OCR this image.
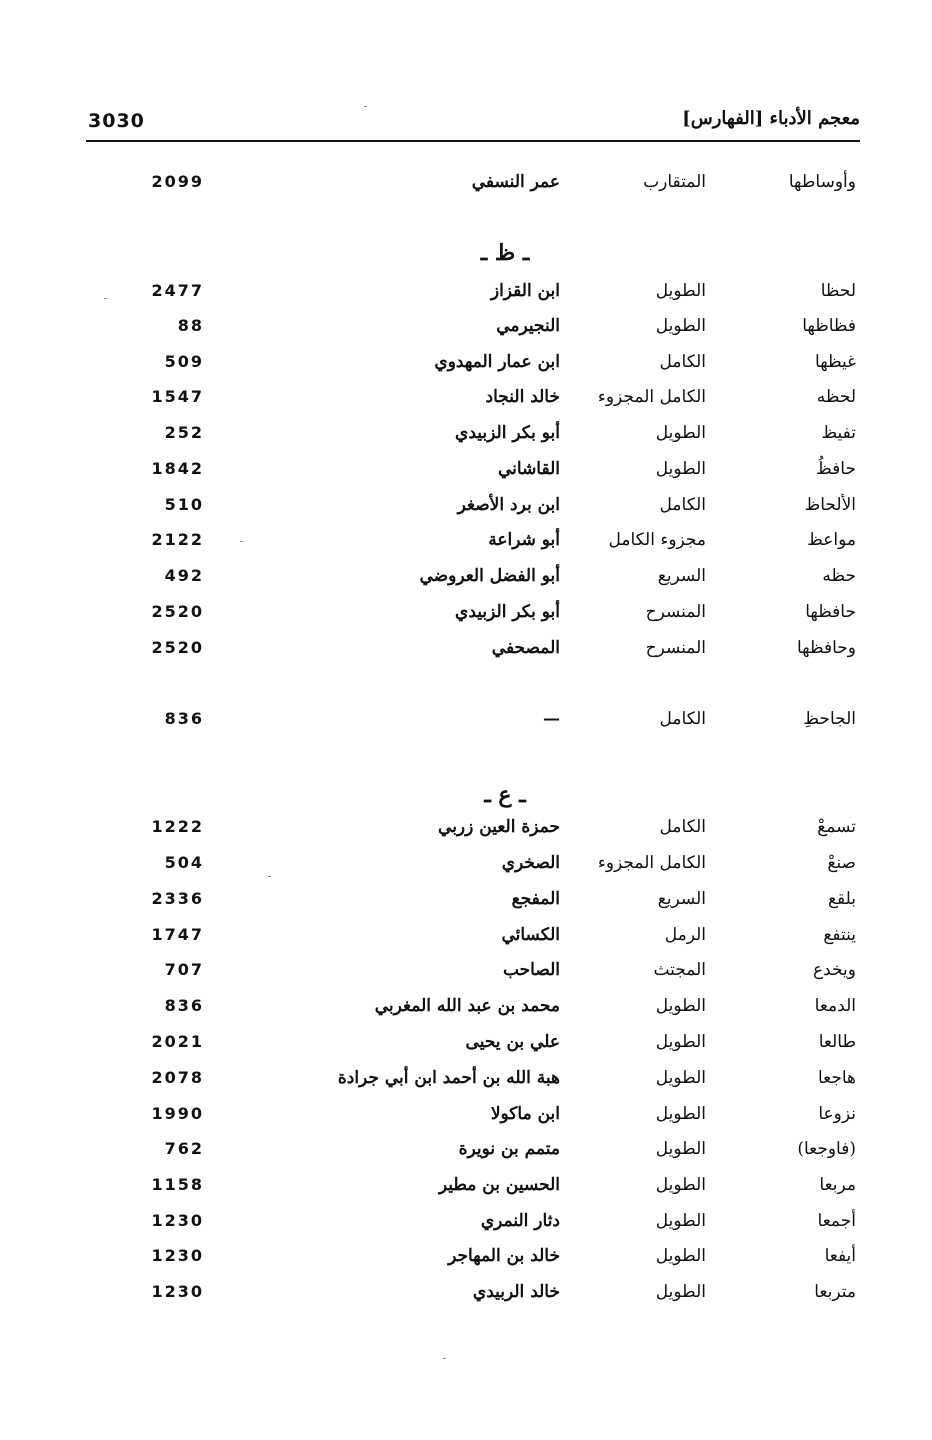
3030	معجم الأدباء [الفهارس]
وأوساطها
المتقارب
عمر النسفي
2099
ـ ظ ـ
لحظا
الطويل
ابن القزاز
2477
فظاظها
الطويل
النجيرمي
88
غيظها
الكامل
ابن عمار المهدوي
509
لحظه
الكامل المجزوء
خالد النجاد
1547
تفيظ
الطويل
أبو بكر الزبيدي
252
حافظُ
الطويل
القاشاني
1842
الألحاظ
الكامل
ابن برد الأصغر
510
مواعظ
مجزوء الكامل
أبو شراعة
2122
حظه
السريع
أبو الفضل العروضي
492
حافظها
المنسرح
أبو بكر الزبيدي
2520
وحافظها
المنسرح
المصحفي
2520
الجاحظِ
الكامل
—
836
ـ ع ـ
تسمعْ
الكامل
حمزة العين زربي
1222
صنعْ
الكامل المجزوء
الصخري
504
بلقع
السريع
المفجع
2336
ينتفع
الرمل
الكسائي
1747
ويخدع
المجتث
الصاحب
707
الدمعا
الطويل
محمد بن عبد الله المغربي
836
طالعا
الطويل
علي بن يحيى
2021
هاجعا
الطويل
هبة الله بن أحمد ابن أبي جرادة
2078
نزوعا
الطويل
ابن ماكولا
1990
(فاوجعا)
الطويل
متمم بن نويرة
762
مربعا
الطويل
الحسين بن مطير
1158
أجمعا
الطويل
دثار النمري
1230
أيفعا
الطويل
خالد بن المهاجر
1230
متربعا
الطويل
خالد الربيدي
1230
